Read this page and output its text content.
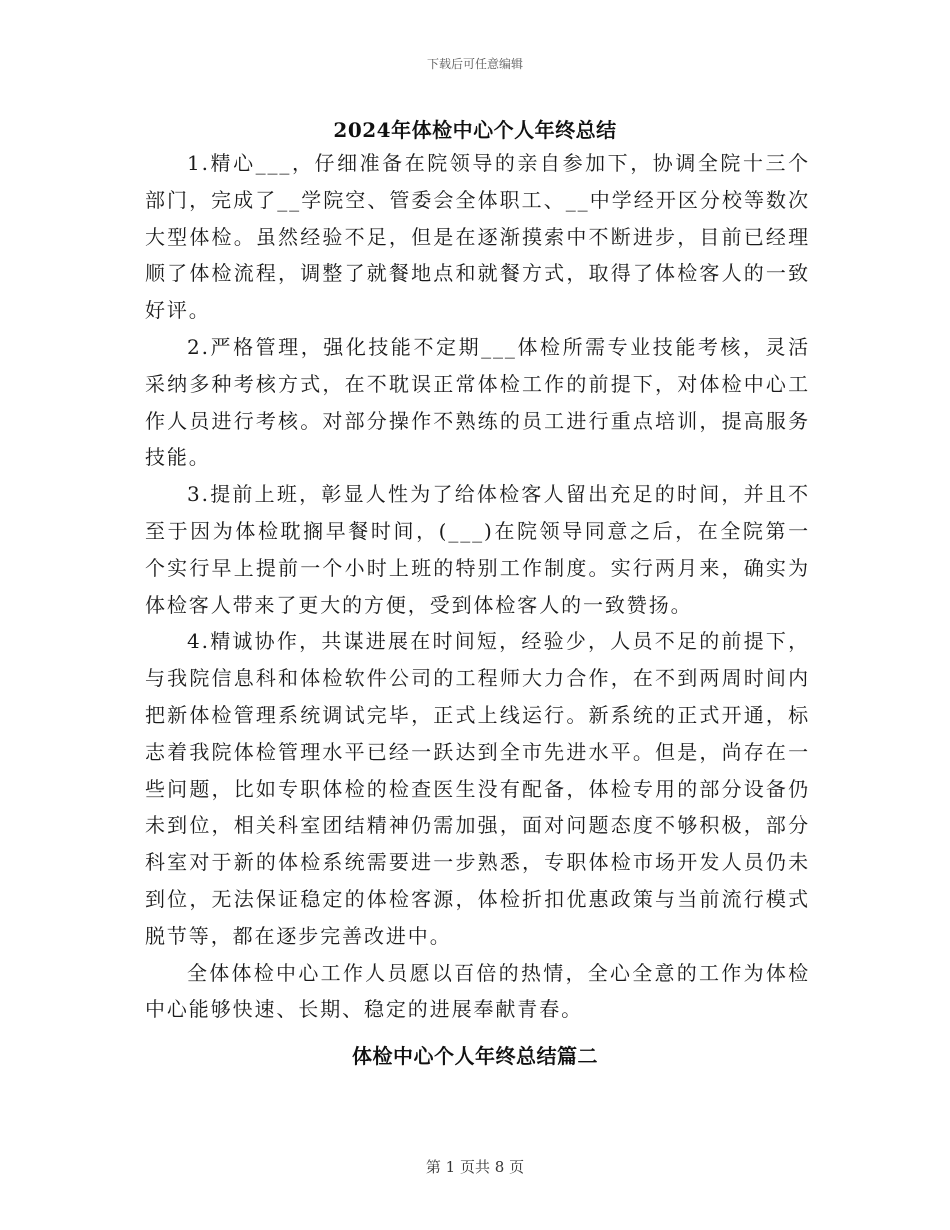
下载后可任意编辑
2024年体检中心个人年终总结

1.精心___，仔细准备在院领导的亲自参加下，协调全院十三个部门，完成了__学院空、管委会全体职工、__中学经开区分校等数次大型体检。虽然经验不足，但是在逐渐摸索中不断进步，目前已经理顺了体检流程，调整了就餐地点和就餐方式，取得了体检客人的一致好评。

2.严格管理，强化技能不定期___体检所需专业技能考核，灵活采纳多种考核方式，在不耽误正常体检工作的前提下，对体检中心工作人员进行考核。对部分操作不熟练的员工进行重点培训，提高服务技能。

3.提前上班，彰显人性为了给体检客人留出充足的时间，并且不至于因为体检耽搁早餐时间，(___)在院领导同意之后，在全院第一个实行早上提前一个小时上班的特别工作制度。实行两月来，确实为体检客人带来了更大的方便，受到体检客人的一致赞扬。

4.精诚协作，共谋进展在时间短，经验少，人员不足的前提下，与我院信息科和体检软件公司的工程师大力合作，在不到两周时间内把新体检管理系统调试完毕，正式上线运行。新系统的正式开通，标志着我院体检管理水平已经一跃达到全市先进水平。但是，尚存在一些问题，比如专职体检的检查医生没有配备，体检专用的部分设备仍未到位，相关科室团结精神仍需加强，面对问题态度不够积极，部分科室对于新的体检系统需要进一步熟悉，专职体检市场开发人员仍未到位，无法保证稳定的体检客源，体检折扣优惠政策与当前流行模式脱节等，都在逐步完善改进中。

全体体检中心工作人员愿以百倍的热情，全心全意的工作为体检中心能够快速、长期、稳定的进展奉献青春。

体检中心个人年终总结篇二
第 1 页共 8 页
